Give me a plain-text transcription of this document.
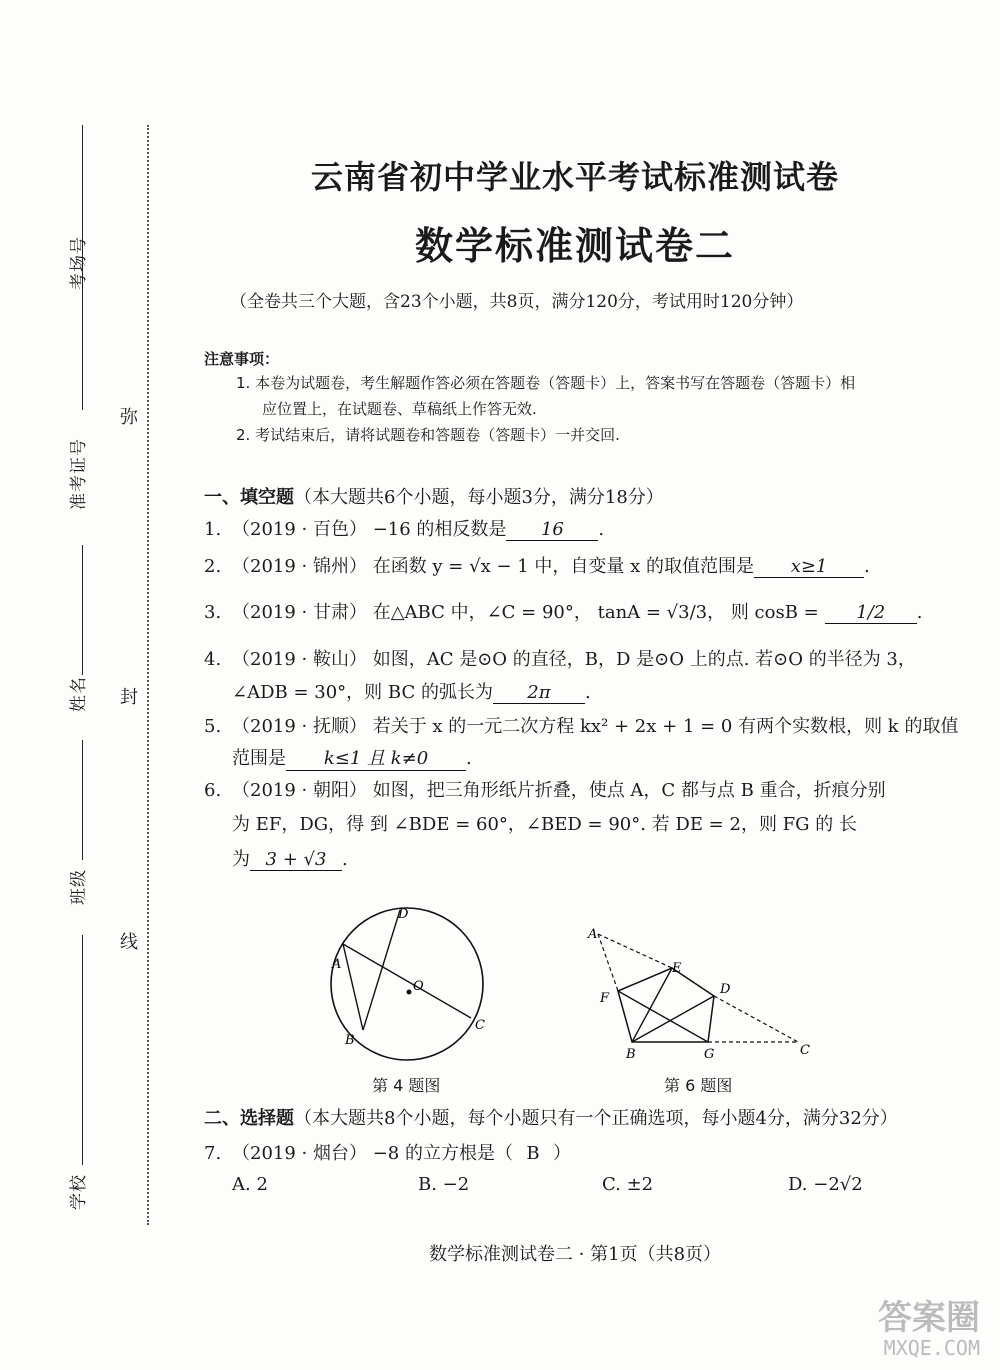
考场号
准考证号
姓名
班级
学校
弥
封
线
云南省初中学业水平考试标准测试卷
数学标准测试卷二
（全卷共三个大题，含23个小题，共8页，满分120分，考试用时120分钟）
注意事项：
1. 本卷为试题卷，考生解题作答必须在答题卷（答题卡）上，答案书写在答题卷（答题卡）相
应位置上，在试题卷、草稿纸上作答无效.
2. 考试结束后，请将试题卷和答题卷（答题卡）一并交回.
一、填空题（本大题共6个小题，每小题3分，满分18分）
1. （2019 · 百色） −16 的相反数是 16 .
2. （2019 · 锦州） 在函数 y = √x − 1 中，自变量 x 的取值范围是 x≥1 .
3. （2019 · 甘肃） 在△ABC 中，∠C = 90°， tanA = √3/3， 则 cosB = 1/2 .
4. （2019 · 鞍山） 如图，AC 是⊙O 的直径，B，D 是⊙O 上的点. 若⊙O 的半径为 3，
∠ADB = 30°，则 BC 的弧长为 2π .
5. （2019 · 抚顺） 若关于 x 的一元二次方程 kx² + 2x + 1 = 0 有两个实数根，则 k 的取值
范围是 k≤1 且 k≠0 .
6. （2019 · 朝阳） 如图，把三角形纸片折叠，使点 A，C 都与点 B 重合，折痕分别
为 EF，DG，得 到 ∠BDE = 60°，∠BED = 90°. 若 DE = 2，则 FG 的 长
为 3 + √3 .
D
A
O
B
C
第 4 题图
A
E
D
F
B	G	C
第 6 题图
二、选择题（本大题共8个小题，每个小题只有一个正确选项，每小题4分，满分32分）
7. （2019 · 烟台） −8 的立方根是（ B ）
A. 2	B. −2	C. ±2	D. −2√2
数学标准测试卷二 · 第1页（共8页）
答案圈
MXQE.COM
